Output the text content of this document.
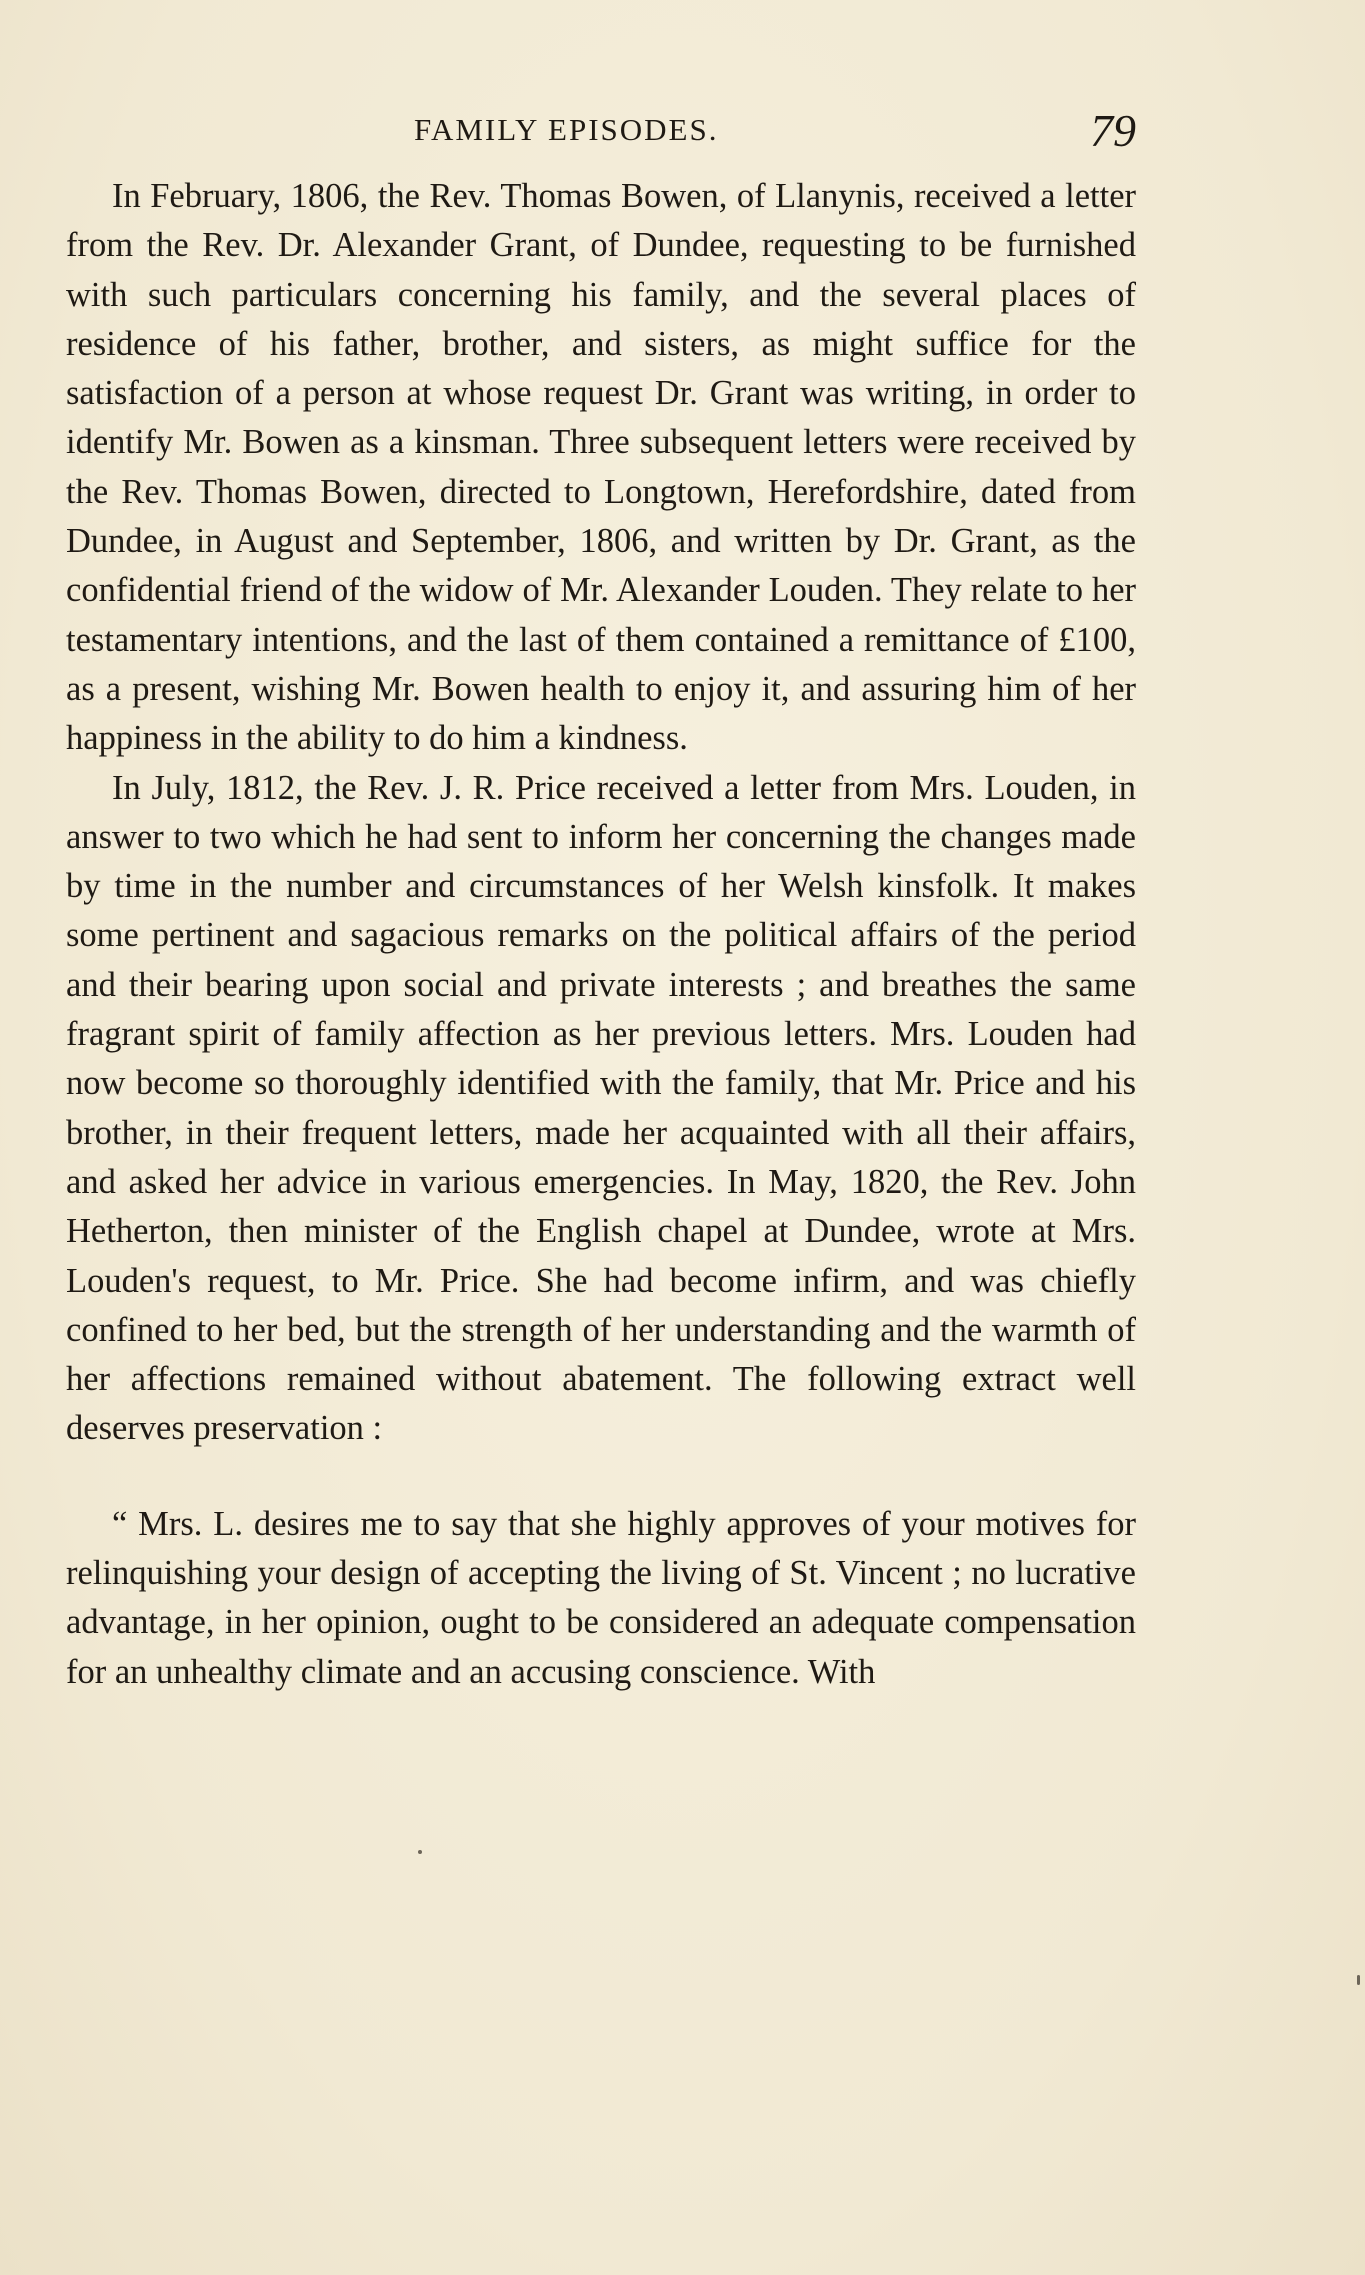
FAMILY EPISODES.	79

In February, 1806, the Rev. Thomas Bowen, of Llanynis, received a letter from the Rev. Dr. Alexander Grant, of Dundee, requesting to be furnished with such particulars concerning his family, and the several places of residence of his father, brother, and sisters, as might suffice for the satisfaction of a person at whose request Dr. Grant was writing, in order to identify Mr. Bowen as a kinsman. Three subsequent letters were received by the Rev. Thomas Bowen, directed to Longtown, Herefordshire, dated from Dundee, in August and September, 1806, and written by Dr. Grant, as the confidential friend of the widow of Mr. Alexander Louden. They relate to her testamentary intentions, and the last of them contained a remittance of £100, as a present, wishing Mr. Bowen health to enjoy it, and assuring him of her happiness in the ability to do him a kindness.

In July, 1812, the Rev. J. R. Price received a letter from Mrs. Louden, in answer to two which he had sent to inform her concerning the changes made by time in the number and circumstances of her Welsh kinsfolk. It makes some pertinent and sagacious remarks on the political affairs of the period and their bearing upon social and private interests ; and breathes the same fragrant spirit of family affection as her previous letters. Mrs. Louden had now become so thoroughly identified with the family, that Mr. Price and his brother, in their frequent letters, made her acquainted with all their affairs, and asked her advice in various emergencies. In May, 1820, the Rev. John Hetherton, then minister of the English chapel at Dundee, wrote at Mrs. Louden's request, to Mr. Price. She had become infirm, and was chiefly confined to her bed, but the strength of her understanding and the warmth of her affections remained without abatement. The following extract well deserves preservation :

“ Mrs. L. desires me to say that she highly approves of your motives for relinquishing your design of accepting the living of St. Vincent ; no lucrative advantage, in her opinion, ought to be considered an adequate compensation for an unhealthy climate and an accusing conscience. With
